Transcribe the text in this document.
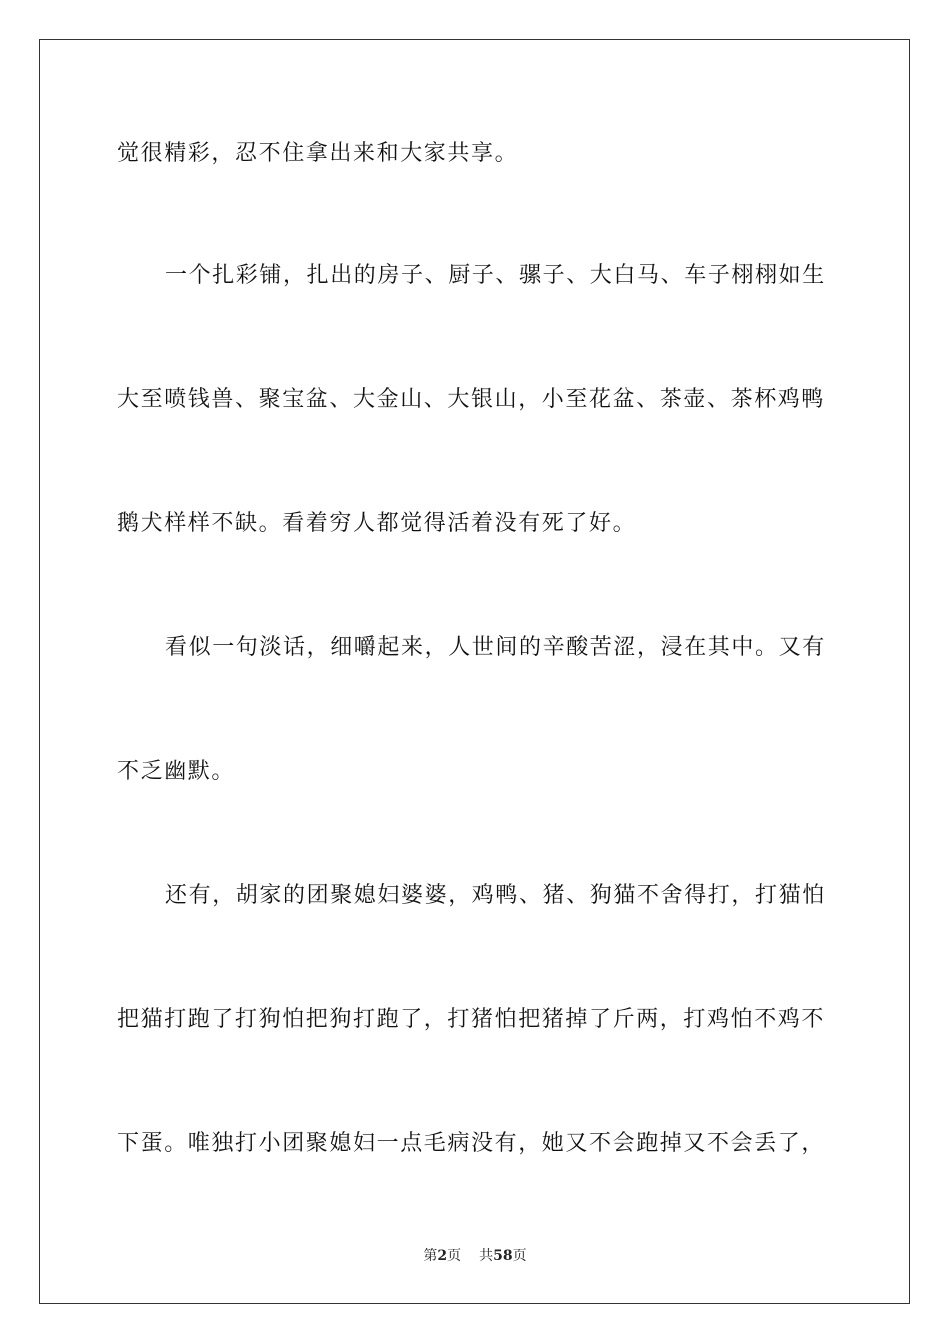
觉很精彩，忍不住拿出来和大家共享。
一个扎彩铺，扎出的房子、厨子、骡子、大白马、车子栩栩如生
大至喷钱兽、聚宝盆、大金山、大银山，小至花盆、茶壶、茶杯鸡鸭
鹅犬样样不缺。看着穷人都觉得活着没有死了好。
看似一句淡话，细嚼起来，人世间的辛酸苦涩，浸在其中。又有
不乏幽默。
还有，胡家的团聚媳妇婆婆，鸡鸭、猪、狗猫不舍得打，打猫怕
把猫打跑了打狗怕把狗打跑了，打猪怕把猪掉了斤两，打鸡怕不鸡不
下蛋。唯独打小团聚媳妇一点毛病没有，她又不会跑掉又不会丢了，
第2页 共58页
